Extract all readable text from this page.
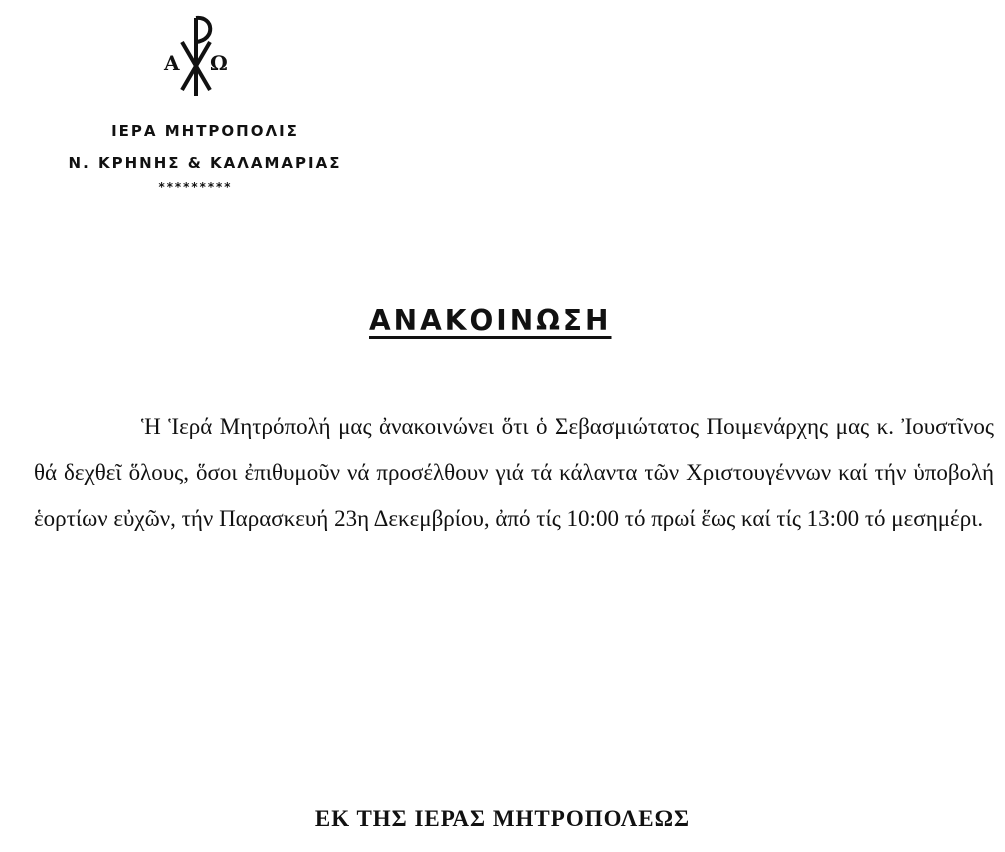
Α Ω
ΙΕΡΑ ΜΗΤΡΟΠΟΛΙΣ
Ν. ΚΡΗΝΗΣ & ΚΑΛΑΜΑΡΙΑΣ
*********
ΑΝΑΚΟΙΝΩΣΗ
Ἡ Ἱερά Μητρόπολή μας ἀνακοινώνει ὅτι ὁ Σεβασμιώτατος Ποιμενάρχης μας κ. Ἰουστῖνος θά δεχθεῖ ὅλους, ὅσοι ἐπιθυμοῦν νά προσέλθουν γιά τά κάλαντα τῶν Χριστουγέννων καί τήν ὑποβολή ἑορτίων εὐχῶν, τήν Παρασκευή 23η Δεκεμβρίου, ἀπό τίς 10:00 τό πρωί ἕως καί τίς 13:00 τό μεσημέρι.
ΕΚ ΤΗΣ ΙΕΡΑΣ ΜΗΤΡΟΠΟΛΕΩΣ
